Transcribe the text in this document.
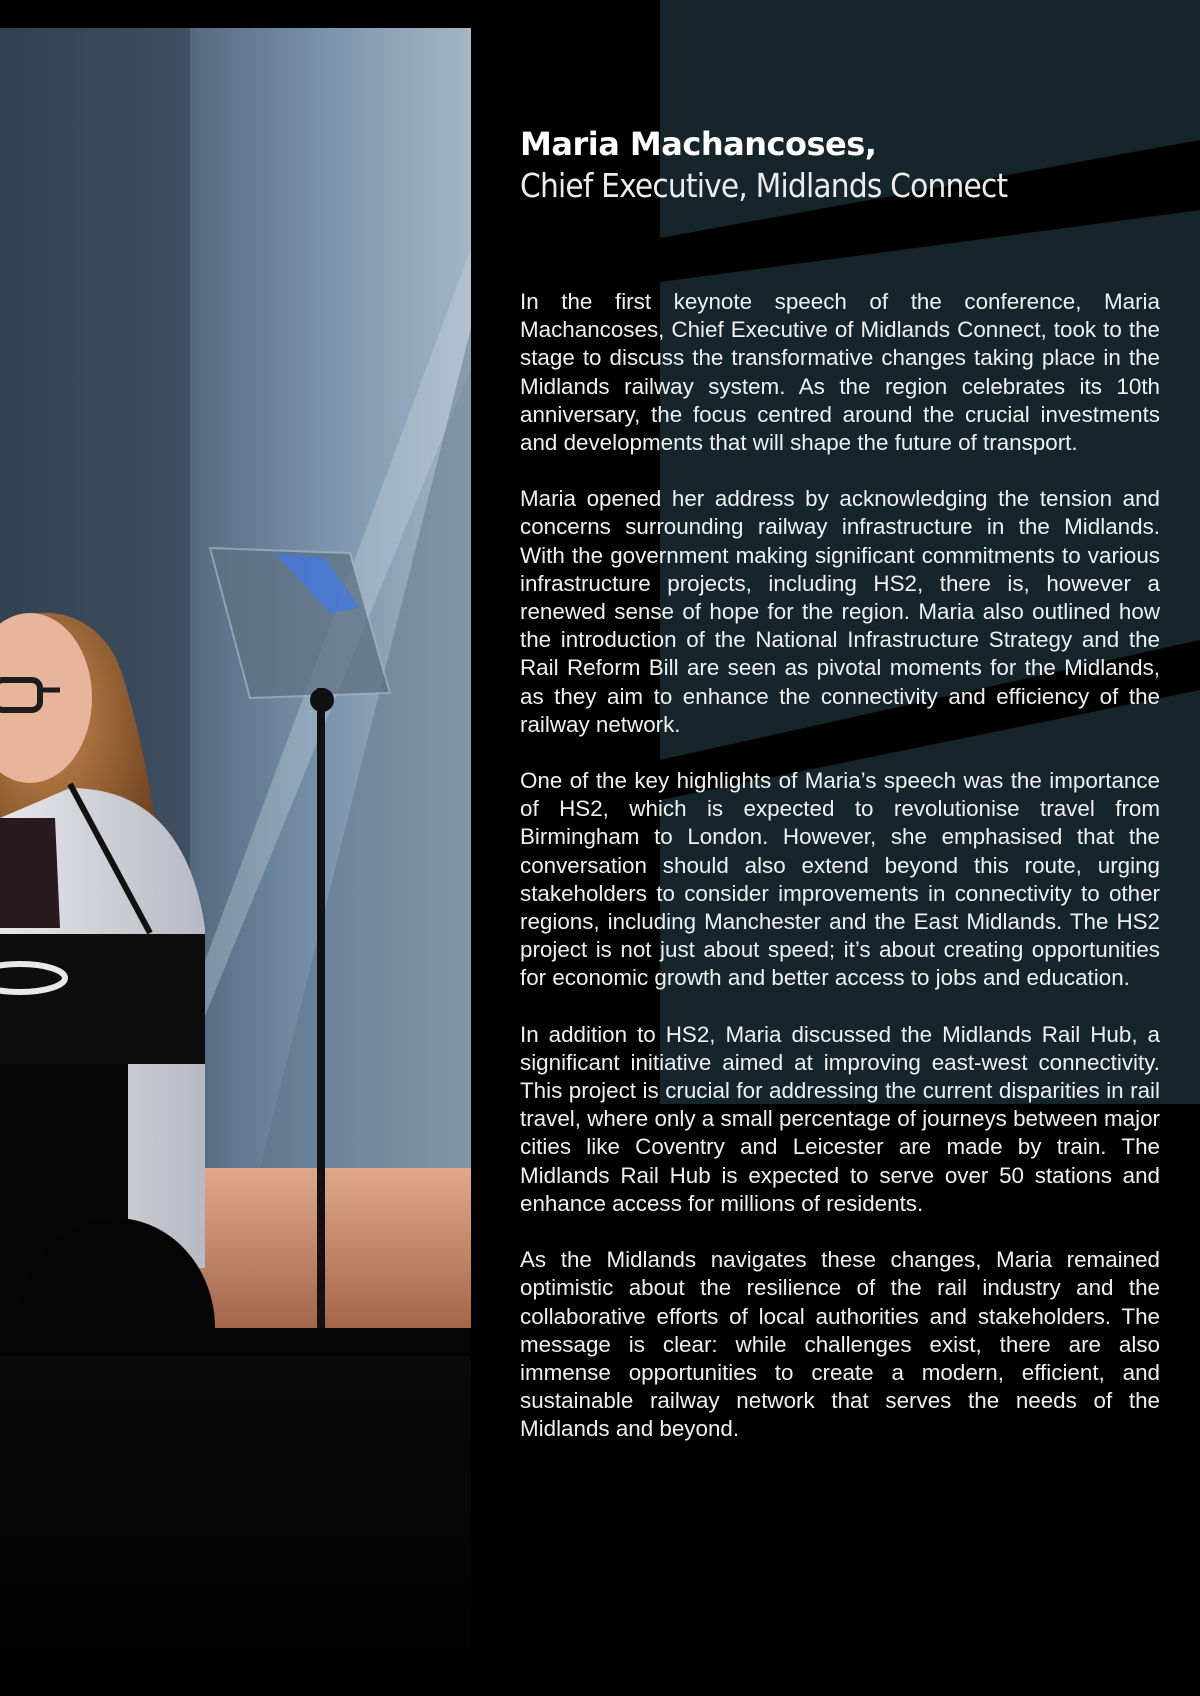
Maria Machancoses,
Chief Executive, Midlands Connect

In the first keynote speech of the conference, Maria Machancoses, Chief Executive of Midlands Connect, took to the stage to discuss the transformative changes taking place in the Midlands railway system. As the region celebrates its 10th anniversary, the focus centred around the crucial investments and developments that will shape the future of transport.

Maria opened her address by acknowledging the tension and concerns surrounding railway infrastructure in the Midlands. With the government making significant commitments to various infrastructure projects, including HS2, there is, however a renewed sense of hope for the region. Maria also outlined how the introduction of the National Infrastructure Strategy and the Rail Reform Bill are seen as pivotal moments for the Midlands, as they aim to enhance the connectivity and efficiency of the railway network.

One of the key highlights of Maria’s speech was the importance of HS2, which is expected to revolutionise travel from Birmingham to London. However, she emphasised that the conversation should also extend beyond this route, urging stakeholders to consider improvements in connectivity to other regions, including Manchester and the East Midlands. The HS2 project is not just about speed; it’s about creating opportunities for economic growth and better access to jobs and education.

In addition to HS2, Maria discussed the Midlands Rail Hub, a significant initiative aimed at improving east-west connectivity. This project is crucial for addressing the current disparities in rail travel, where only a small percentage of journeys between major cities like Coventry and Leicester are made by train. The Midlands Rail Hub is expected to serve over 50 stations and enhance access for millions of residents.

As the Midlands navigates these changes, Maria remained optimistic about the resilience of the rail industry and the collaborative efforts of local authorities and stakeholders. The message is clear: while challenges exist, there are also immense opportunities to create a modern, efficient, and sustainable railway network that serves the needs of the Midlands and beyond.
